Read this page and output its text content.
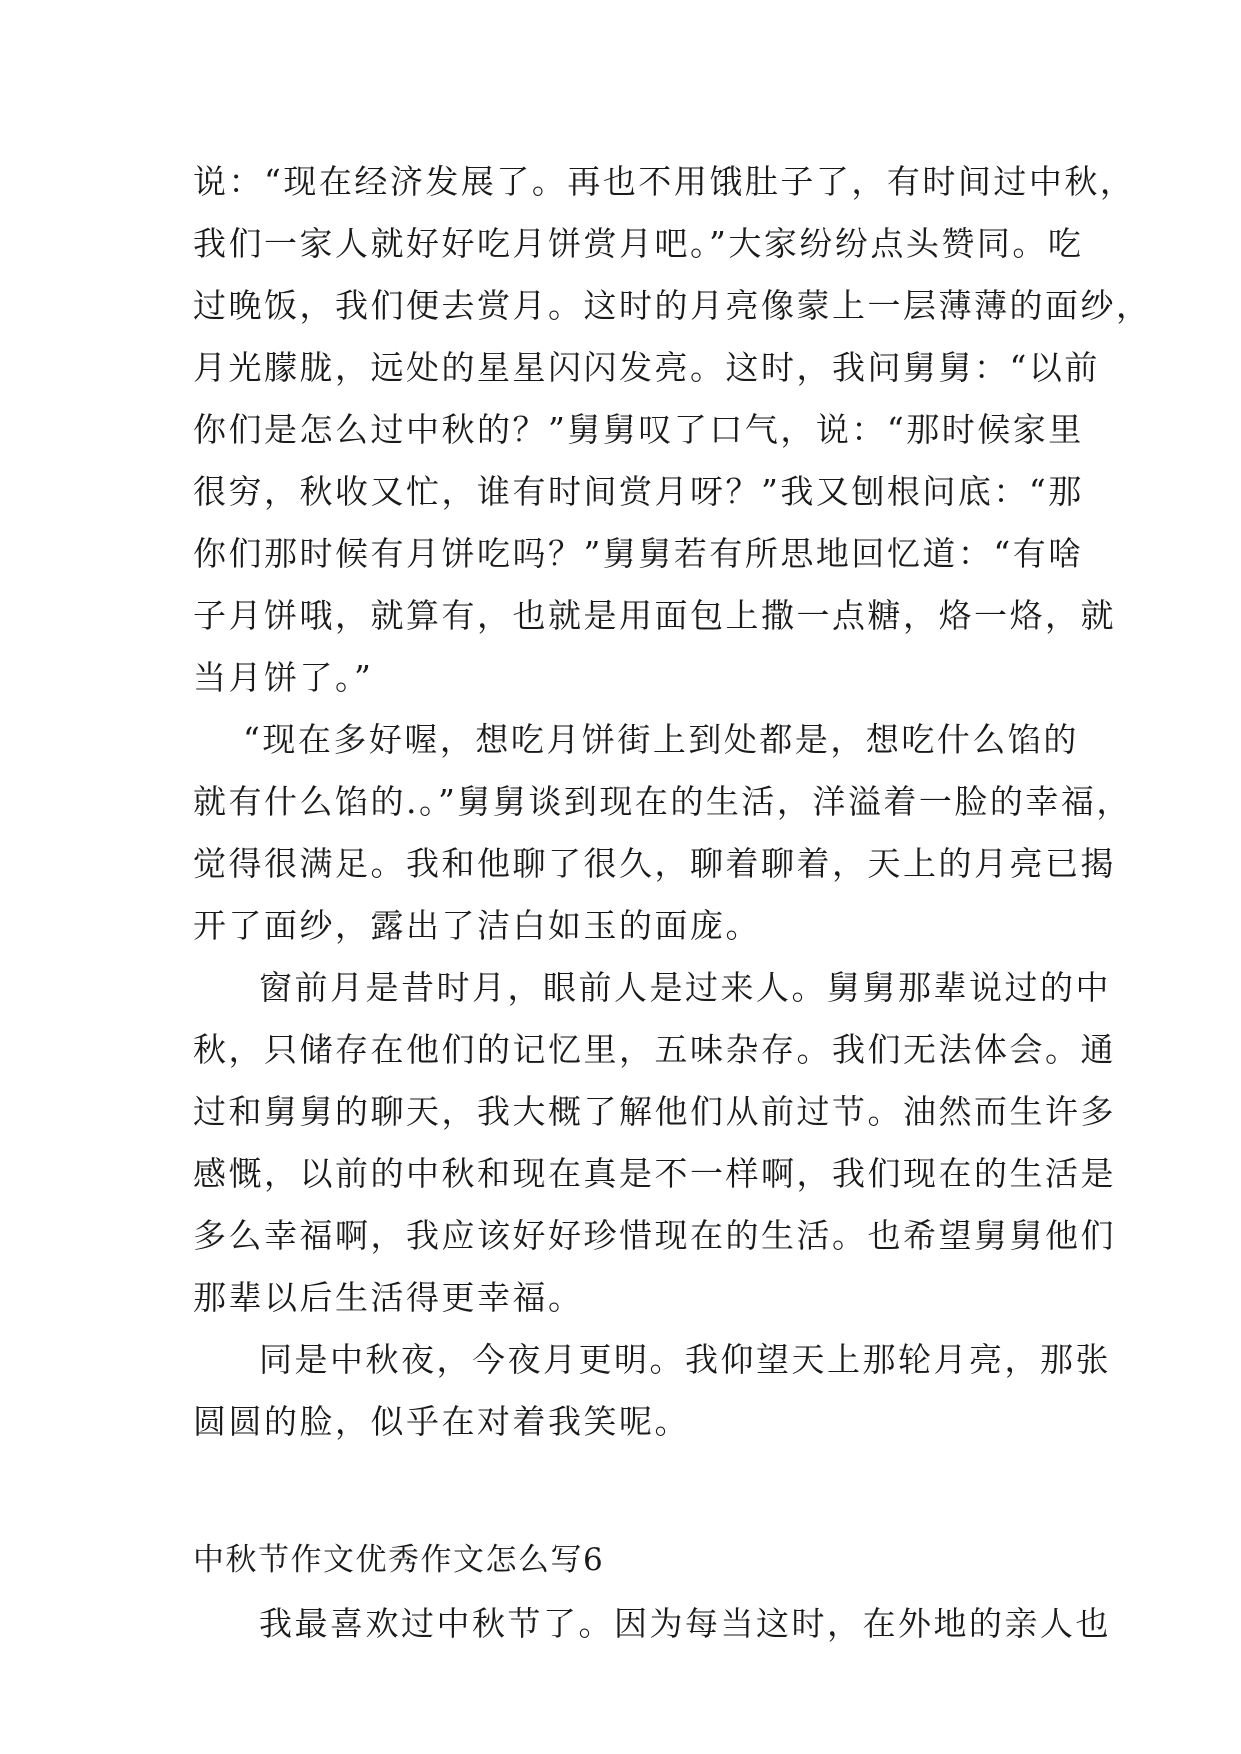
说：“现在经济发展了。再也不用饿肚子了，有时间过中秋，
我们一家人就好好吃月饼赏月吧。”大家纷纷点头赞同。吃
过晚饭，我们便去赏月。这时的月亮像蒙上一层薄薄的面纱，
月光朦胧，远处的星星闪闪发亮。这时，我问舅舅：“以前
你们是怎么过中秋的？”舅舅叹了口气，说：“那时候家里
很穷，秋收又忙，谁有时间赏月呀？”我又刨根问底：“那
你们那时候有月饼吃吗？”舅舅若有所思地回忆道：“有啥
子月饼哦，就算有，也就是用面包上撒一点糖，烙一烙，就
当月饼了。”
“现在多好喔，想吃月饼街上到处都是，想吃什么馅的
就有什么馅的.。”舅舅谈到现在的生活，洋溢着一脸的幸福，
觉得很满足。我和他聊了很久，聊着聊着，天上的月亮已揭
开了面纱，露出了洁白如玉的面庞。
窗前月是昔时月，眼前人是过来人。舅舅那辈说过的中
秋，只储存在他们的记忆里，五味杂存。我们无法体会。通
过和舅舅的聊天，我大概了解他们从前过节。油然而生许多
感慨，以前的中秋和现在真是不一样啊，我们现在的生活是
多么幸福啊，我应该好好珍惜现在的生活。也希望舅舅他们
那辈以后生活得更幸福。
同是中秋夜，今夜月更明。我仰望天上那轮月亮，那张
圆圆的脸，似乎在对着我笑呢。
中秋节作文优秀作文怎么写6
我最喜欢过中秋节了。因为每当这时，在外地的亲人也
